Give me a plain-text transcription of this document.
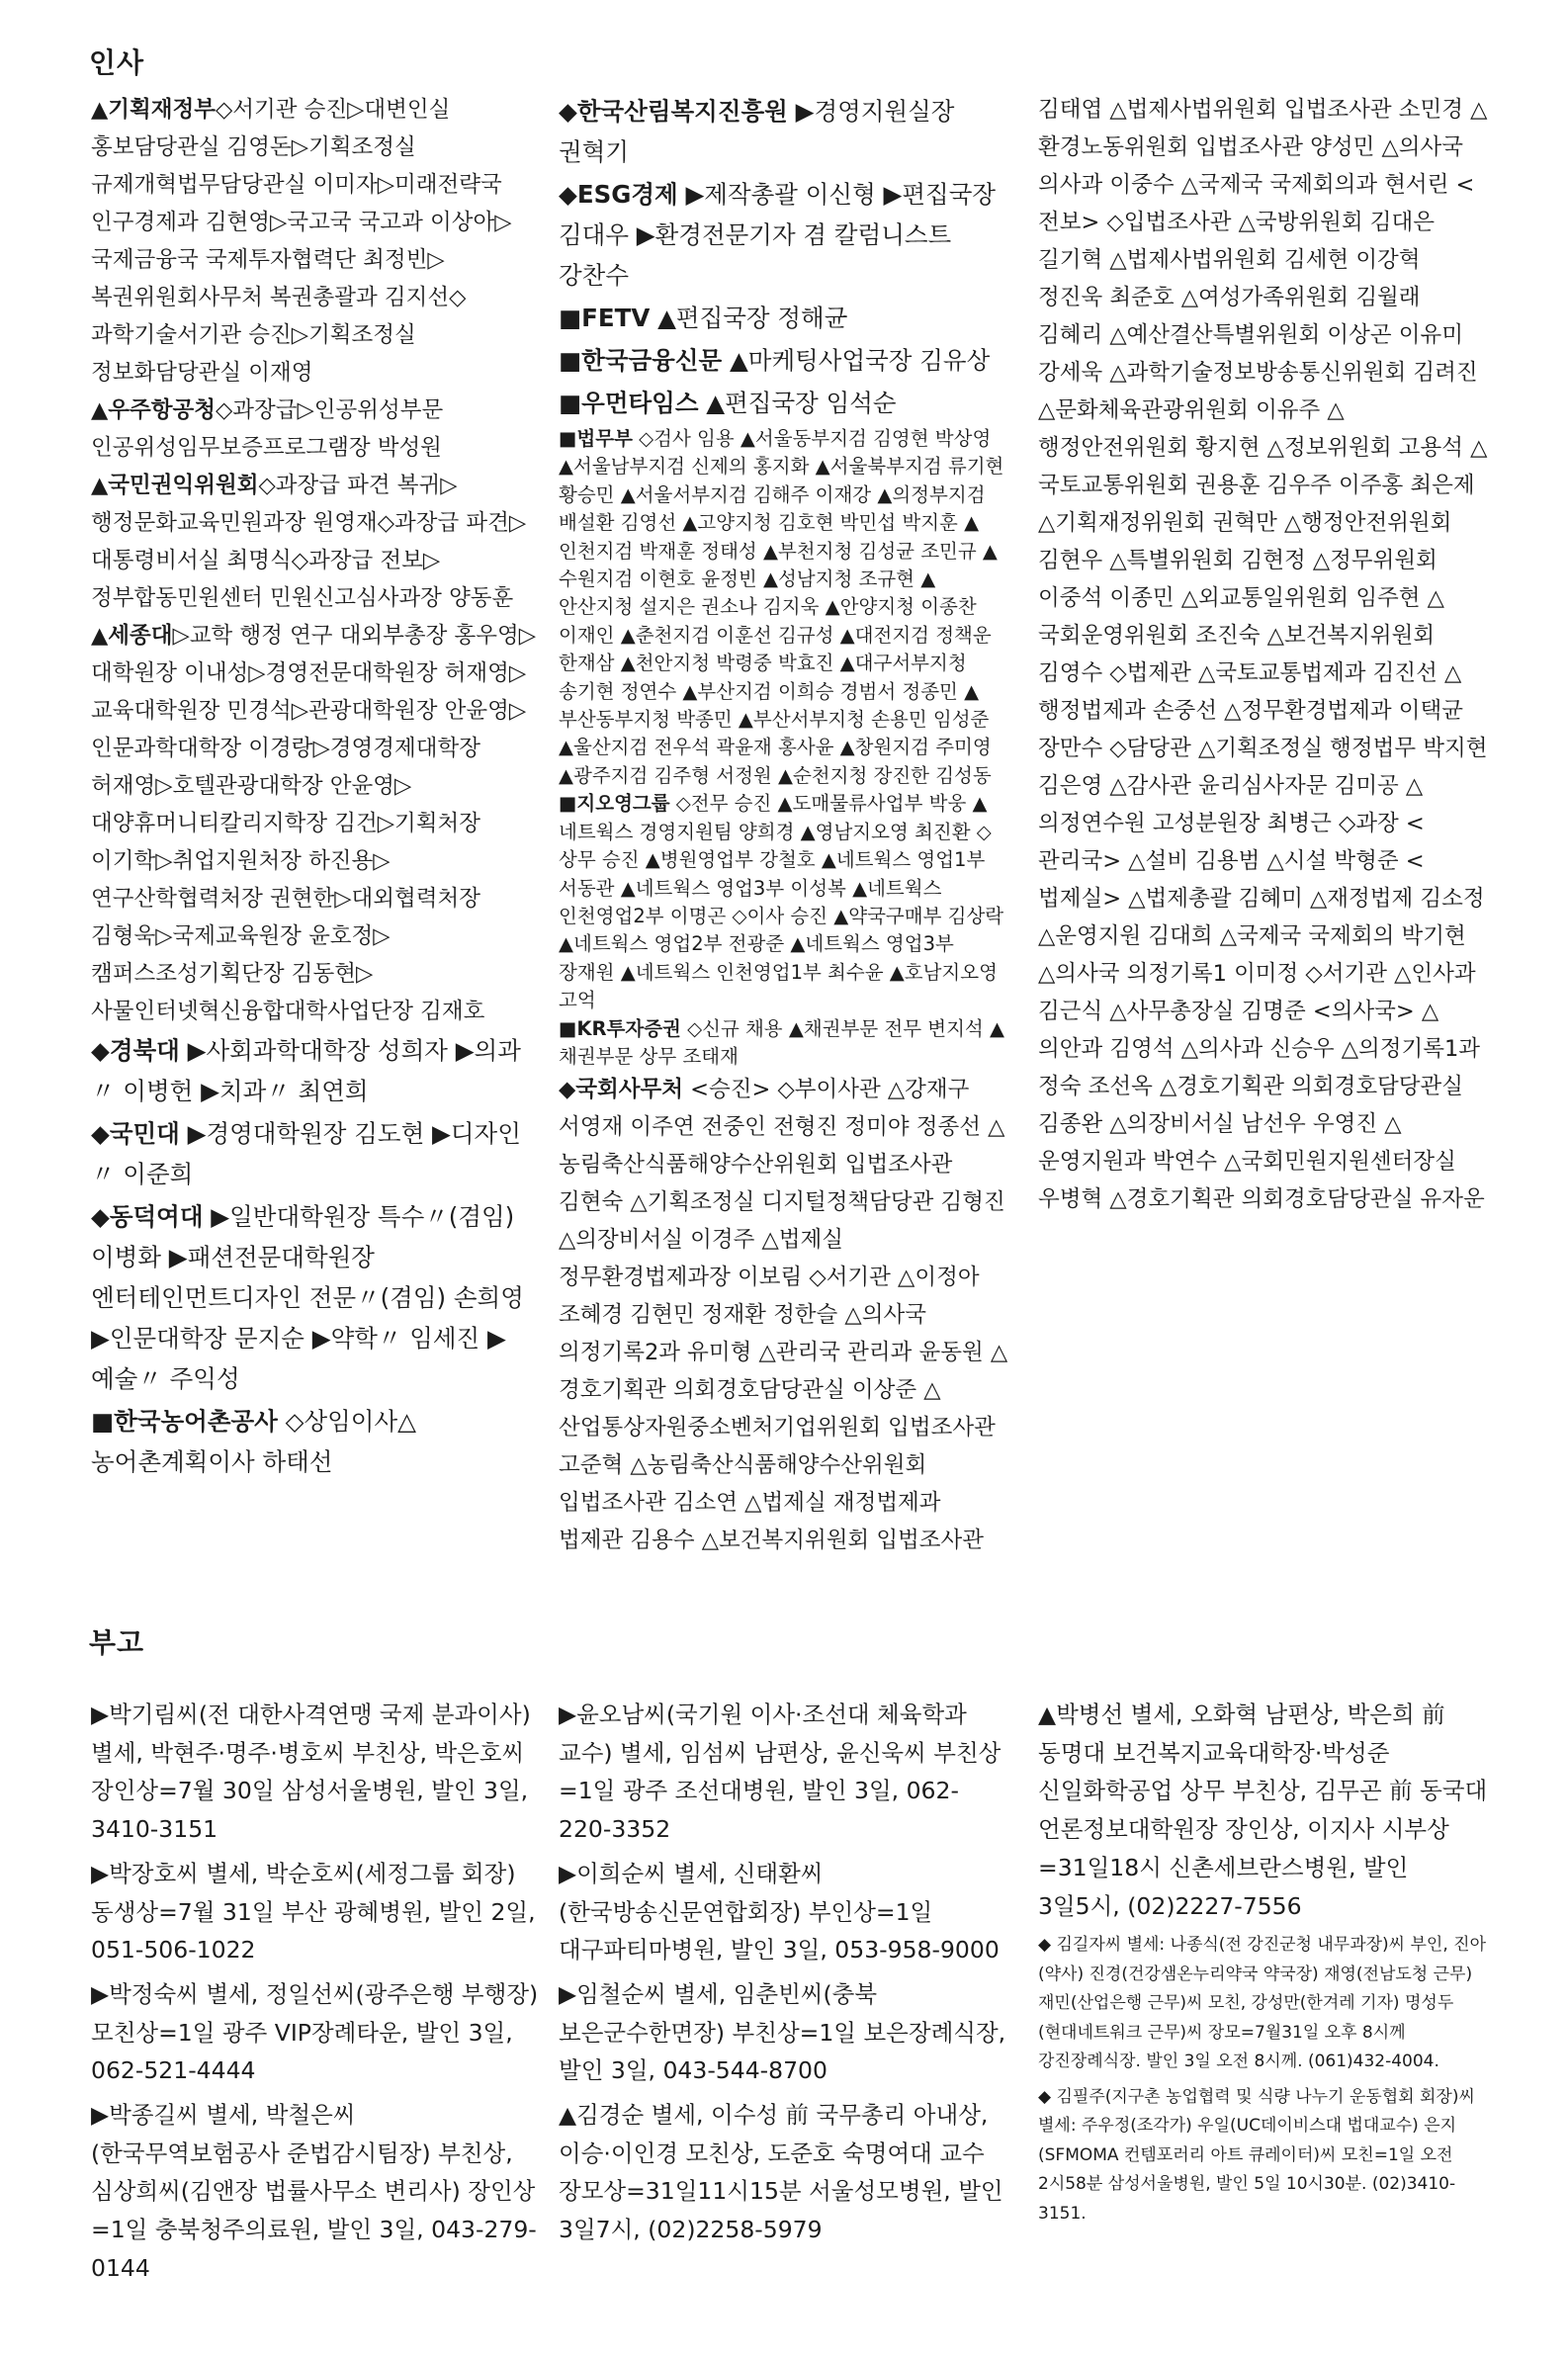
인사

▲기획재정부◇서기관 승진▷대변인실 홍보담당관실 김영돈▷기획조정실 규제개혁법무담당관실 이미자▷미래전략국 인구경제과 김현영▷국고국 국고과 이상아▷국제금융국 국제투자협력단 최정빈▷복권위원회사무처 복권총괄과 김지선◇과학기술서기관 승진▷기획조정실 정보화담당관실 이재영

▲우주항공청◇과장급▷인공위성부문 인공위성임무보증프로그램장 박성원

▲국민권익위원회◇과장급 파견 복귀▷행정문화교육민원과장 원영재◇과장급 파견▷대통령비서실 최명식◇과장급 전보▷정부합동민원센터 민원신고심사과장 양동훈

▲세종대▷교학 행정 연구 대외부총장 홍우영▷대학원장 이내성▷경영전문대학원장 허재영▷교육대학원장 민경석▷관광대학원장 안윤영▷인문과학대학장 이경랑▷경영경제대학장 허재영▷호텔관광대학장 안윤영▷대양휴머니티칼리지학장 김건▷기획처장 이기학▷취업지원처장 하진용▷연구산학협력처장 권현한▷대외협력처장 김형욱▷국제교육원장 윤호정▷캠퍼스조성기획단장 김동현▷사물인터넷혁신융합대학사업단장 김재호

◆경북대 ▶사회과학대학장 성희자 ▶의과〃 이병헌 ▶치과〃 최연희

◆국민대 ▶경영대학원장 김도현 ▶디자인〃 이준희

◆동덕여대 ▶일반대학원장 특수〃(겸임) 이병화 ▶패션전문대학원장 엔터테인먼트디자인 전문〃(겸임) 손희영 ▶인문대학장 문지순 ▶약학〃 임세진 ▶예술〃 주익성

■한국농어촌공사 ◇상임이사△농어촌계획이사 하태선

◆한국산림복지진흥원 ▶경영지원실장 권혁기

◆ESG경제 ▶제작총괄 이신형 ▶편집국장 김대우 ▶환경전문기자 겸 칼럼니스트 강찬수

■FETV ▲편집국장 정해균

■한국금융신문 ▲마케팅사업국장 김유상

■우먼타임스 ▲편집국장 임석순

■법무부 ◇검사 임용 ▲서울동부지검 김영현 박상영 ▲서울남부지검 신제의 홍지화 ▲서울북부지검 류기현 황승민 ▲서울서부지검 김해주 이재강 ▲의정부지검 배설환 김영선 ▲고양지청 김호현 박민섭 박지훈 ▲인천지검 박재훈 정태성 ▲부천지청 김성균 조민규 ▲수원지검 이현호 윤정빈 ▲성남지청 조규현 ▲안산지청 설지은 권소나 김지욱 ▲안양지청 이종찬 이재인 ▲춘천지검 이훈선 김규성 ▲대전지검 정책운 한재삼 ▲천안지청 박령중 박효진 ▲대구서부지청 송기현 정연수 ▲부산지검 이희승 경범서 정종민 ▲부산동부지청 박종민 ▲부산서부지청 손용민 임성준 ▲울산지검 전우석 곽윤재 홍사윤 ▲창원지검 주미영 ▲광주지검 김주형 서정원 ▲순천지청 장진한 김성동

■지오영그룹 ◇전무 승진 ▲도매물류사업부 박웅 ▲네트웍스 경영지원팀 양희경 ▲영남지오영 최진환 ◇상무 승진 ▲병원영업부 강철호 ▲네트웍스 영업1부 서동관 ▲네트웍스 영업3부 이성복 ▲네트웍스 인천영업2부 이명곤 ◇이사 승진 ▲약국구매부 김상락 ▲네트웍스 영업2부 전광준 ▲네트웍스 영업3부 장재원 ▲네트웍스 인천영업1부 최수윤 ▲호남지오영 고억

■KR투자증권 ◇신규 채용 ▲채권부문 전무 변지석 ▲채권부문 상무 조태재

◆국회사무처 <승진> ◇부이사관 △강재구 서영재 이주연 전중인 전형진 정미야 정종선 △농림축산식품해양수산위원회 입법조사관 김현숙 △기획조정실 디지털정책담당관 김형진 △의장비서실 이경주 △법제실 정무환경법제과장 이보림 ◇서기관 △이정아 조혜경 김현민 정재환 정한슬 △의사국 의정기록2과 유미형 △관리국 관리과 윤동원 △경호기획관 의회경호담당관실 이상준 △산업통상자원중소벤처기업위원회 입법조사관 고준혁 △농림축산식품해양수산위원회 입법조사관 김소연 △법제실 재정법제과 법제관 김용수 △보건복지위원회 입법조사관

부고

▶박기림씨(전 대한사격연맹 국제 분과이사) 별세, 박현주·명주·병호씨 부친상, 박은호씨 장인상=7월 30일 삼성서울병원, 발인 3일, 3410-3151

▶박장호씨 별세, 박순호씨(세정그룹 회장) 동생상=7월 31일 부산 광혜병원, 발인 2일, 051-506-1022

▶박정숙씨 별세, 정일선씨(광주은행 부행장) 모친상=1일 광주 VIP장례타운, 발인 3일, 062-521-4444

▶박종길씨 별세, 박철은씨(한국무역보험공사 준법감시팀장) 부친상, 심상희씨(김앤장 법률사무소 변리사) 장인상=1일 충북청주의료원, 발인 3일, 043-279-0144

▶윤오남씨(국기원 이사·조선대 체육학과 교수) 별세, 임섬씨 남편상, 윤신욱씨 부친상=1일 광주 조선대병원, 발인 3일, 062-220-3352

▶이희순씨 별세, 신태환씨(한국방송신문연합회장) 부인상=1일 대구파티마병원, 발인 3일, 053-958-9000

▶임철순씨 별세, 임춘빈씨(충북 보은군수한면장) 부친상=1일 보은장례식장, 발인 3일, 043-544-8700

▲김경순 별세, 이수성 前 국무총리 아내상, 이승·이인경 모친상, 도준호 숙명여대 교수 장모상=31일11시15분 서울성모병원, 발인 3일7시, (02)2258-5979

▲박병선 별세, 오화혁 남편상, 박은희 前 동명대 보건복지교육대학장·박성준 신일화학공업 상무 부친상, 김무곤 前 동국대 언론정보대학원장 장인상, 이지사 시부상=31일18시 신촌세브란스병원, 발인 3일5시, (02)2227-7556

◆ 김길자씨 별세: 나종식(전 강진군청 내무과장)씨 부인, 진아(약사) 진경(건강샘온누리약국 약국장) 재영(전남도청 근무) 재민(산업은행 근무)씨 모친, 강성만(한겨레 기자) 명성두(현대네트워크 근무)씨 장모=7월31일 오후 8시께 강진장례식장. 발인 3일 오전 8시께. (061)432-4004.

◆ 김필주(지구촌 농업협력 및 식량 나누기 운동협회 회장)씨 별세: 주우정(조각가) 우일(UC데이비스대 법대교수) 은지(SFMOMA 컨템포러리 아트 큐레이터)씨 모친=1일 오전 2시58분 삼성서울병원, 발인 5일 10시30분. (02)3410-3151.

김태엽 △법제사법위원회 입법조사관 소민경 △환경노동위원회 입법조사관 양성민 △의사국 의사과 이중수 △국제국 국제회의과 현서린 <전보> ◇입법조사관 △국방위원회 김대은 길기혁 △법제사법위원회 김세현 이강혁 정진욱 최준호 △여성가족위원회 김월래 김혜리 △예산결산특별위원회 이상곤 이유미 강세욱 △과학기술정보방송통신위원회 김려진 △문화체육관광위원회 이유주 △행정안전위원회 황지현 △정보위원회 고용석 △국토교통위원회 권용훈 김우주 이주홍 최은제 △기획재정위원회 권혁만 △행정안전위원회 김현우 △특별위원회 김현정 △정무위원회 이중석 이종민 △외교통일위원회 임주현 △국회운영위원회 조진숙 △보건복지위원회 김영수 ◇법제관 △국토교통법제과 김진선 △행정법제과 손중선 △정무환경법제과 이택균 장만수 ◇담당관 △기획조정실 행정법무 박지현 김은영 △감사관 윤리심사자문 김미공 △의정연수원 고성분원장 최병근 ◇과장 <관리국> △설비 김용범 △시설 박형준 <법제실> △법제총괄 김혜미 △재정법제 김소정 △운영지원 김대희 △국제국 국제회의 박기현 △의사국 의정기록1 이미정 ◇서기관 △인사과 김근식 △사무총장실 김명준 <의사국> △의안과 김영석 △의사과 신승우 △의정기록1과 정숙 조선옥 △경호기획관 의회경호담당관실 김종완 △의장비서실 남선우 우영진 △운영지원과 박연수 △국회민원지원센터장실 우병혁 △경호기획관 의회경호담당관실 유자운
